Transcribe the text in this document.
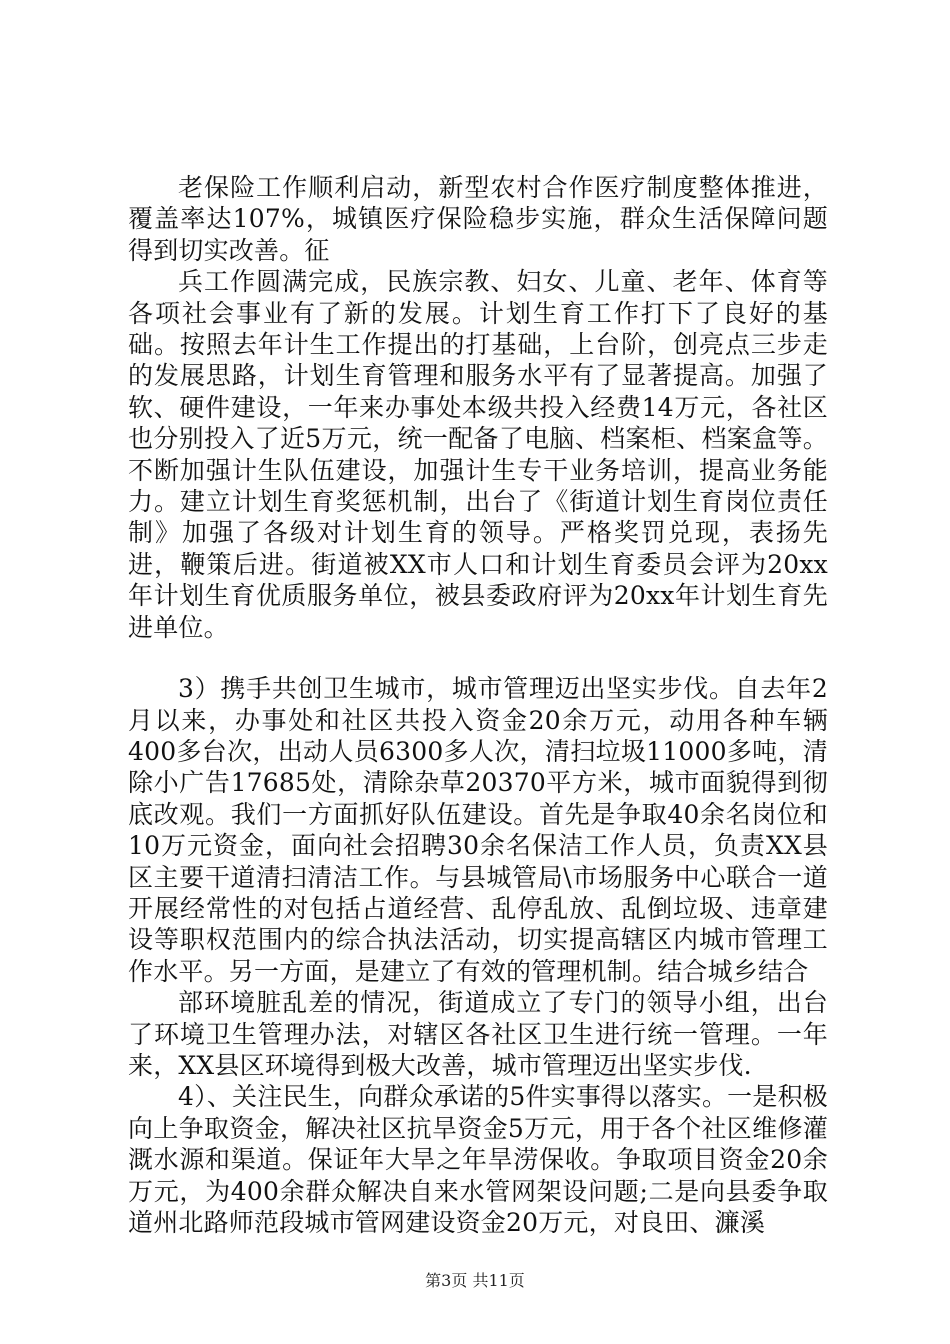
老保险工作顺利启动，新型农村合作医疗制度整体推进，覆盖率达107%，城镇医疗保险稳步实施，群众生活保障问题得到切实改善。征

兵工作圆满完成，民族宗教、妇女、儿童、老年、体育等各项社会事业有了新的发展。计划生育工作打下了良好的基础。按照去年计生工作提出的打基础，上台阶，创亮点三步走的发展思路，计划生育管理和服务水平有了显著提高。加强了软、硬件建设，一年来办事处本级共投入经费14万元，各社区也分别投入了近5万元，统一配备了电脑、档案柜、档案盒等。不断加强计生队伍建设，加强计生专干业务培训，提高业务能力。建立计划生育奖惩机制，出台了《街道计划生育岗位责任制》加强了各级对计划生育的领导。严格奖罚兑现，表扬先进，鞭策后进。街道被XX市人口和计划生育委员会评为20xx年计划生育优质服务单位，被县委政府评为20xx年计划生育先进单位。

3）携手共创卫生城市，城市管理迈出坚实步伐。自去年2月以来，办事处和社区共投入资金20余万元，动用各种车辆400多台次，出动人员6300多人次，清扫垃圾11000多吨，清除小广告17685处，清除杂草20370平方米，城市面貌得到彻底改观。我们一方面抓好队伍建设。首先是争取40余名岗位和10万元资金，面向社会招聘30余名保洁工作人员，负责XX县区主要干道清扫清洁工作。与县城管局\市场服务中心联合一道开展经常性的对包括占道经营、乱停乱放、乱倒垃圾、违章建设等职权范围内的综合执法活动，切实提高辖区内城市管理工作水平。另一方面，是建立了有效的管理机制。结合城乡结合

部环境脏乱差的情况，街道成立了专门的领导小组，出台了环境卫生管理办法，对辖区各社区卫生进行统一管理。一年来，XX县区环境得到极大改善，城市管理迈出坚实步伐.

4）、关注民生，向群众承诺的5件实事得以落实。一是积极向上争取资金，解决社区抗旱资金5万元，用于各个社区维修灌溉水源和渠道。保证年大旱之年旱涝保收。争取项目资金20余万元，为400余群众解决自来水管网架设问题;二是向县委争取道州北路师范段城市管网建设资金20万元，对良田、濂溪

第3页 共11页
